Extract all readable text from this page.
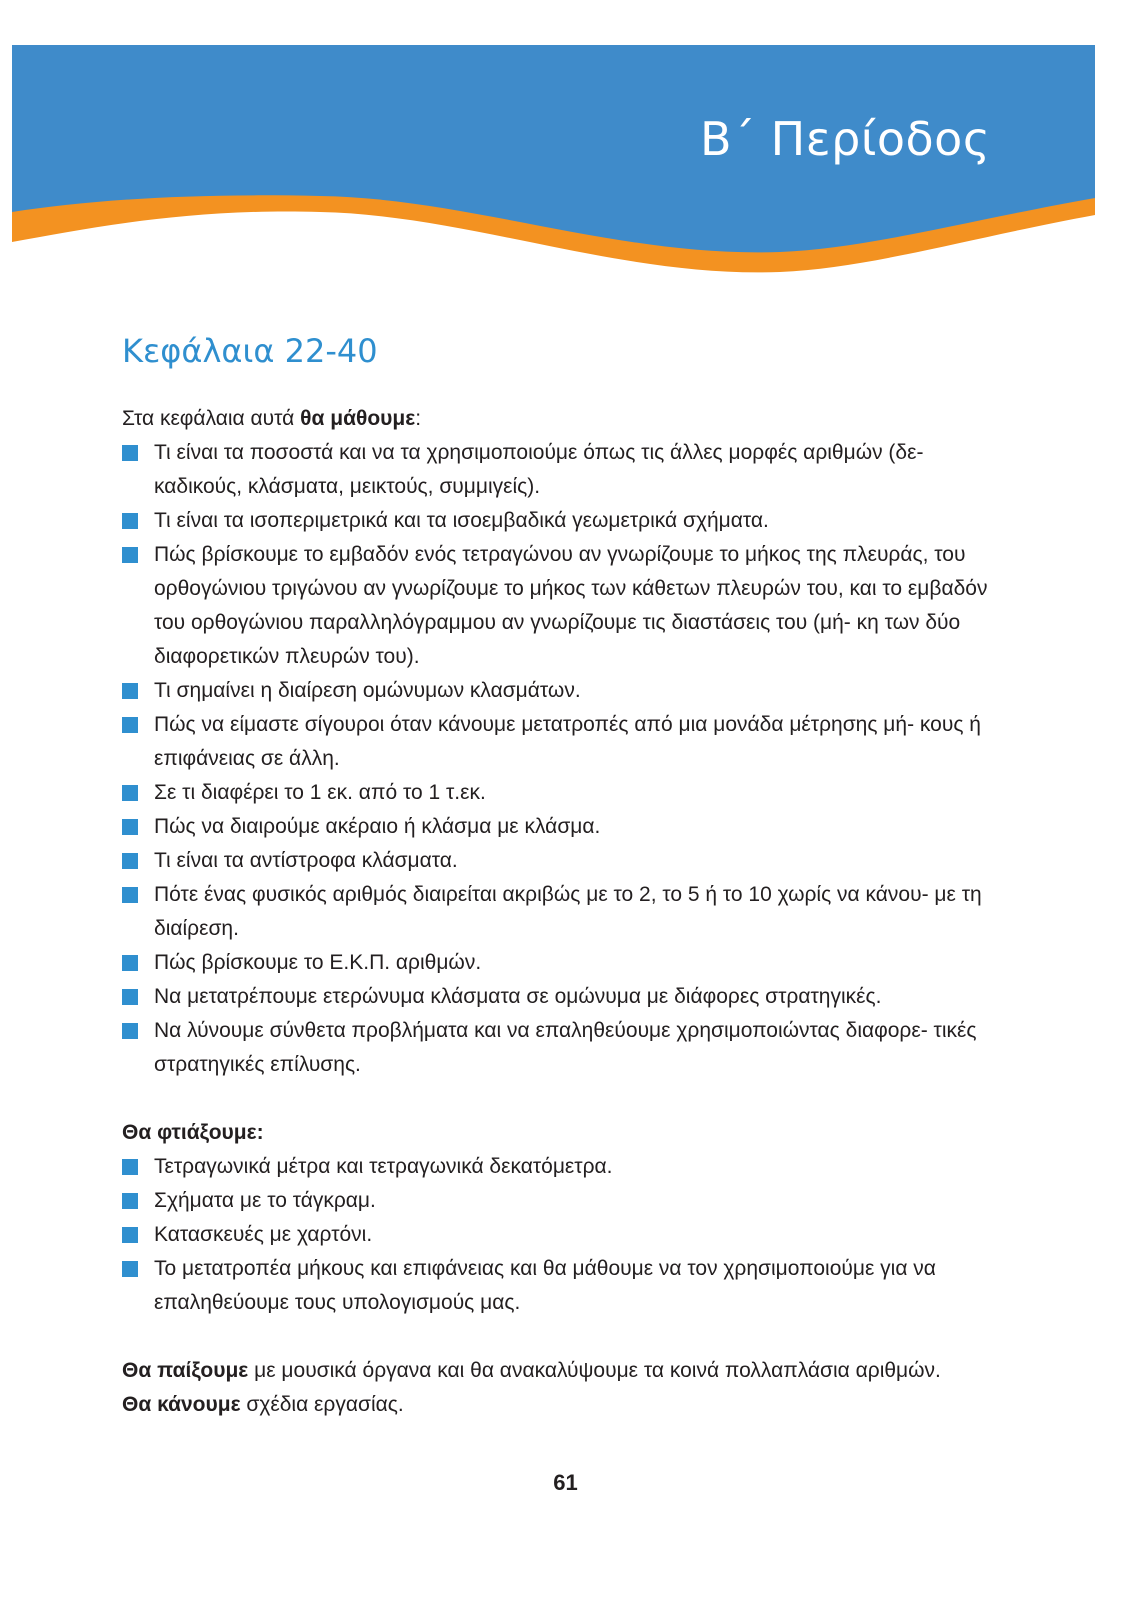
Β΄ Περίοδος
Κεφάλαια 22-40

Στα κεφάλαια αυτά θα μάθουμε:

Τι είναι τα ποσοστά και να τα χρησιμοποιούμε όπως τις άλλες μορφές αριθμών (δε- καδικούς, κλάσματα, μεικτούς, συμμιγείς).
Τι είναι τα ισοπεριμετρικά και τα ισοεμβαδικά γεωμετρικά σχήματα.
Πώς βρίσκουμε το εμβαδόν ενός τετραγώνου αν γνωρίζουμε το μήκος της πλευράς, του ορθογώνιου τριγώνου αν γνωρίζουμε το μήκος των κάθετων πλευρών του, και το εμβαδόν του ορθογώνιου παραλληλόγραμμου αν γνωρίζουμε τις διαστάσεις του (μή- κη των δύο διαφορετικών πλευρών του).
Τι σημαίνει η διαίρεση ομώνυμων κλασμάτων.
Πώς να είμαστε σίγουροι όταν κάνουμε μετατροπές από μια μονάδα μέτρησης μή- κους ή επιφάνειας σε άλλη.
Σε τι διαφέρει το 1 εκ. από το 1 τ.εκ.
Πώς να διαιρούμε ακέραιο ή κλάσμα με κλάσμα.
Τι είναι τα αντίστροφα κλάσματα.
Πότε ένας φυσικός αριθμός διαιρείται ακριβώς με το 2, το 5 ή το 10 χωρίς να κάνου- με τη διαίρεση.
Πώς βρίσκουμε το Ε.Κ.Π. αριθμών.
Να μετατρέπουμε ετερώνυμα κλάσματα σε ομώνυμα με διάφορες στρατηγικές.
Να λύνουμε σύνθετα προβλήματα και να επαληθεύουμε χρησιμοποιώντας διαφορε- τικές στρατηγικές επίλυσης.

Θα φτιάξουμε:

Τετραγωνικά μέτρα και τετραγωνικά δεκατόμετρα.
Σχήματα με το τάγκραμ.
Κατασκευές με χαρτόνι.
Το μετατροπέα μήκους και επιφάνειας και θα μάθουμε να τον χρησιμοποιούμε για να επαληθεύουμε τους υπολογισμούς μας.

Θα παίξουμε με μουσικά όργανα και θα ανακαλύψουμε τα κοινά πολλαπλάσια αριθμών.

Θα κάνουμε σχέδια εργασίας.

61
